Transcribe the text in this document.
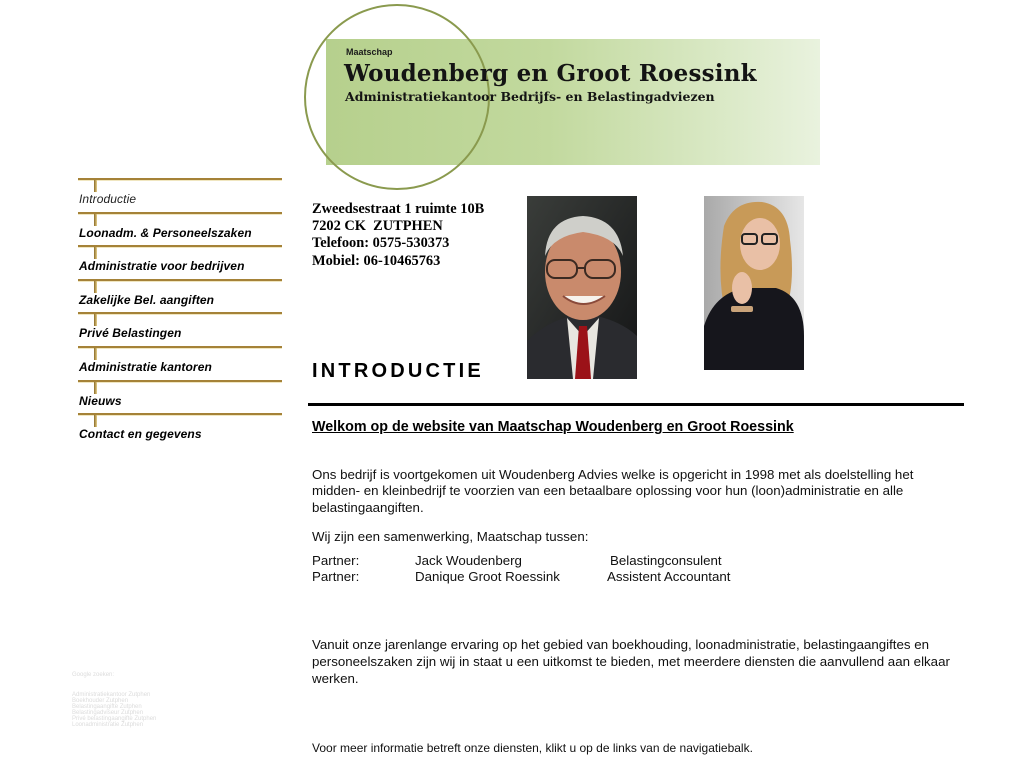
Maatschap
Woudenberg en Groot Roessink
Administratiekantoor Bedrijfs- en Belastingadviezen
Introductie
Loonadm. & Personeelszaken
Administratie voor bedrijven
Zakelijke Bel. aangiften
Privé Belastingen
Administratie kantoren
Nieuws
Contact en gegevens
Google zoeken:
Administratiekantoor Zutphen
Boekhouder Zutphen
Belastingaangifte Zutphen
Belastingadviseur Zutphen
Privé belastingaangifte Zutphen
Loonadministratie Zutphen
Zweedsestraat 1 ruimte 10B
7202 CK  ZUTPHEN
Telefoon: 0575-530373
Mobiel: 06-10465763
INTRODUCTIE
Welkom op de website van Maatschap Woudenberg en Groot Roessink
Ons bedrijf is voortgekomen uit Woudenberg Advies welke is opgericht in 1998 met als doelstelling het midden- en kleinbedrijf te voorzien van een betaalbare oplossing voor hun (loon)administratie en alle belastingaangiften.
Wij zijn een samenwerking, Maatschap tussen:
Partner:	Jack Woudenberg	Belastingconsulent
Partner:	Danique Groot Roessink	Assistent Accountant
Vanuit onze jarenlange ervaring op het gebied van boekhouding, loonadministratie, belastingaangiftes en personeelszaken zijn wij in staat u een uitkomst te bieden, met meerdere diensten die aanvullend aan elkaar werken.
Voor meer informatie betreft onze diensten, klikt u op de links van de navigatiebalk.
